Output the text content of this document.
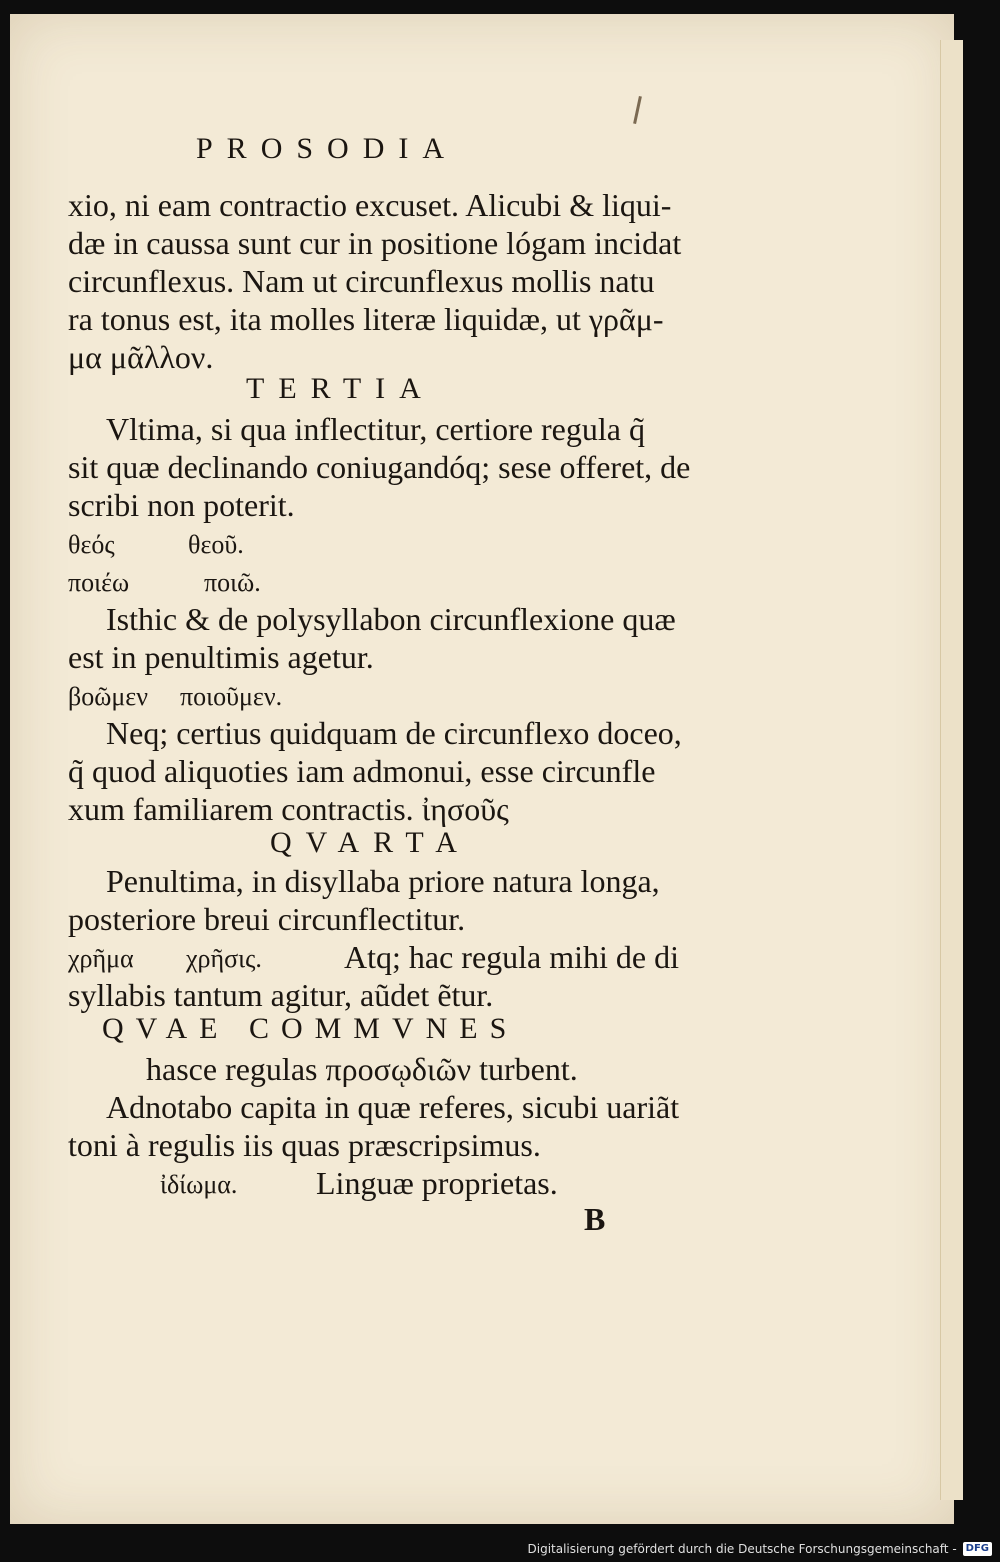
PROSODIA
xio, ni eam contractio excuset. Alicubi & liqui-
dæ in caussa sunt cur in positione lógam incidat
circunflexus. Nam ut circunflexus mollis natu
ra tonus est, ita molles literæ liquidæ, ut γρᾶμ-
μα μᾶλλον.
TERTIA
Vltima, si qua inflectitur, certiore regula q̃
sit quæ declinando coniugandóq; sese offeret, de
scribi non poterit.
θεός	θεοῦ.
ποιέω	ποιῶ.
Isthic & de polysyllabon circunflexione quæ
est in penultimis agetur.
βοῶμεν ποιοῦμεν.
Neq; certius quidquam de circunflexo doceo,
q̃ quod aliquoties iam admonui, esse circunfle
xum familiarem contractis. ἰησοῦς
QVARTA
Penultima, in disyllaba priore natura longa,
posteriore breui circunflectitur.
χρῆμα χρῆσις.	Atq; hac regula mihi de di
syllabis tantum agitur, aũdet ẽtur.
QVAE COMMVNES
hasce regulas προσῳδιῶν turbent.
Adnotabo capita in quæ referes, sicubi uariãt
toni à regulis iis quas præscripsimus.
ἰδίωμα. Linguæ proprietas.
B
Digitalisierung gefördert durch die Deutsche Forschungsgemeinschaft - DFG
